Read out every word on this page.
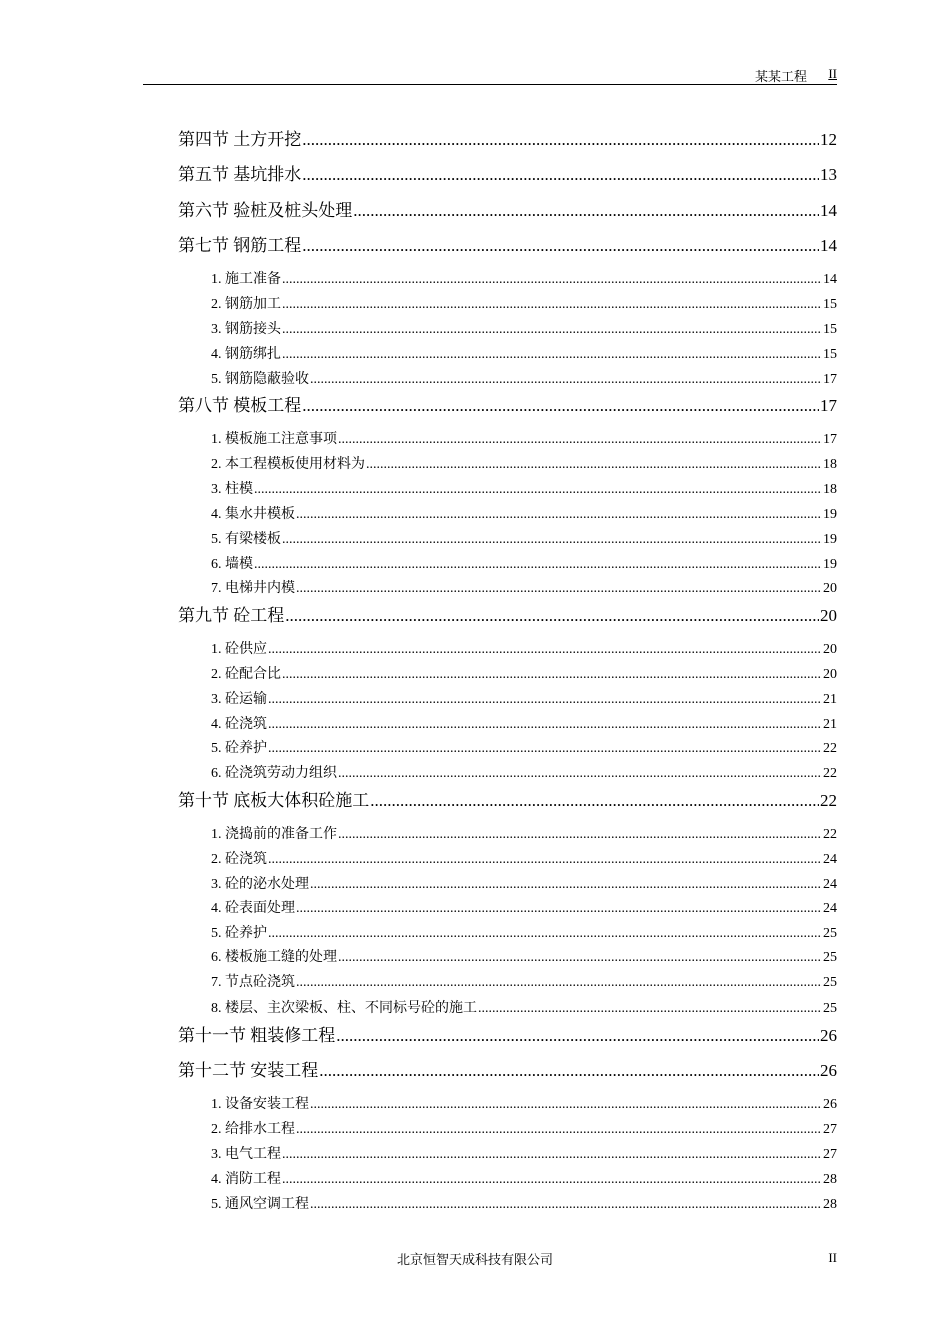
某某工程 II
第四节 土方开挖 .....	12
第五节 基坑排水 .....	13
第六节 验桩及桩头处理 .....	14
第七节 钢筋工程 .....	14
1. 施工准备 .....	14
2. 钢筋加工 .....	15
3. 钢筋接头 .....	15
4. 钢筋绑扎 .....	15
5. 钢筋隐蔽验收 .....	17
第八节 模板工程 .....	17
1. 模板施工注意事项 .....	17
2. 本工程模板使用材料为 .....	18
3. 柱模 .....	18
4. 集水井模板 .....	19
5. 有梁楼板 .....	19
6. 墙模 .....	19
7. 电梯井内模 .....	20
第九节 砼工程 .....	20
1. 砼供应 .....	20
2. 砼配合比 .....	20
3. 砼运输 .....	21
4. 砼浇筑 .....	21
5. 砼养护 .....	22
6. 砼浇筑劳动力组织 .....	22
第十节 底板大体积砼施工 .....	22
1. 浇捣前的准备工作 .....	22
2. 砼浇筑 .....	24
3. 砼的泌水处理 .....	24
4. 砼表面处理 .....	24
5. 砼养护 .....	25
6. 楼板施工缝的处理 .....	25
7. 节点砼浇筑 .....	25
8. 楼层、主次梁板、柱、不同标号砼的施工 .....	25
第十一节 粗装修工程 .....	26
第十二节 安装工程 .....	26
1. 设备安装工程 .....	26
2. 给排水工程 .....	27
3. 电气工程 .....	27
4. 消防工程 .....	28
5. 通风空调工程 .....	28
北京恒智天成科技有限公司	II
